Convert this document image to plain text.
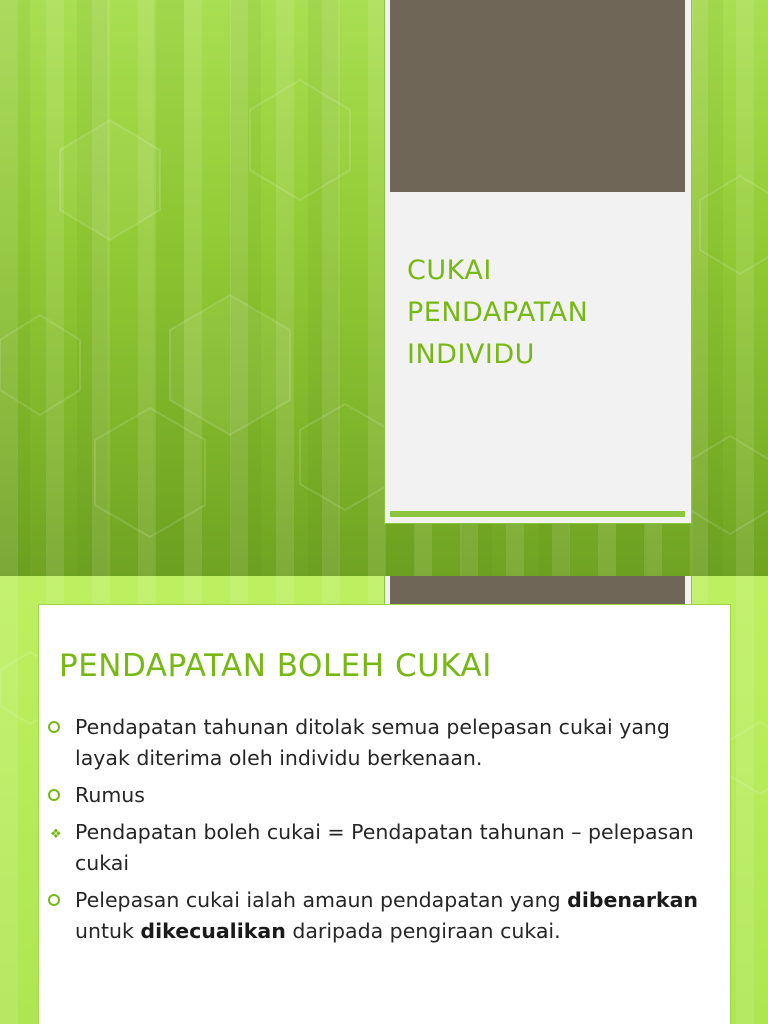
CUKAI
PENDAPATAN
INDIVIDU
PENDAPATAN BOLEH CUKAI
Pendapatan tahunan ditolak semua pelepasan cukai yang layak diterima oleh individu berkenaan.
Rumus
❖ Pendapatan boleh cukai = Pendapatan tahunan – pelepasan cukai
Pelepasan cukai ialah amaun pendapatan yang dibenarkan untuk dikecualikan daripada pengiraan cukai.
